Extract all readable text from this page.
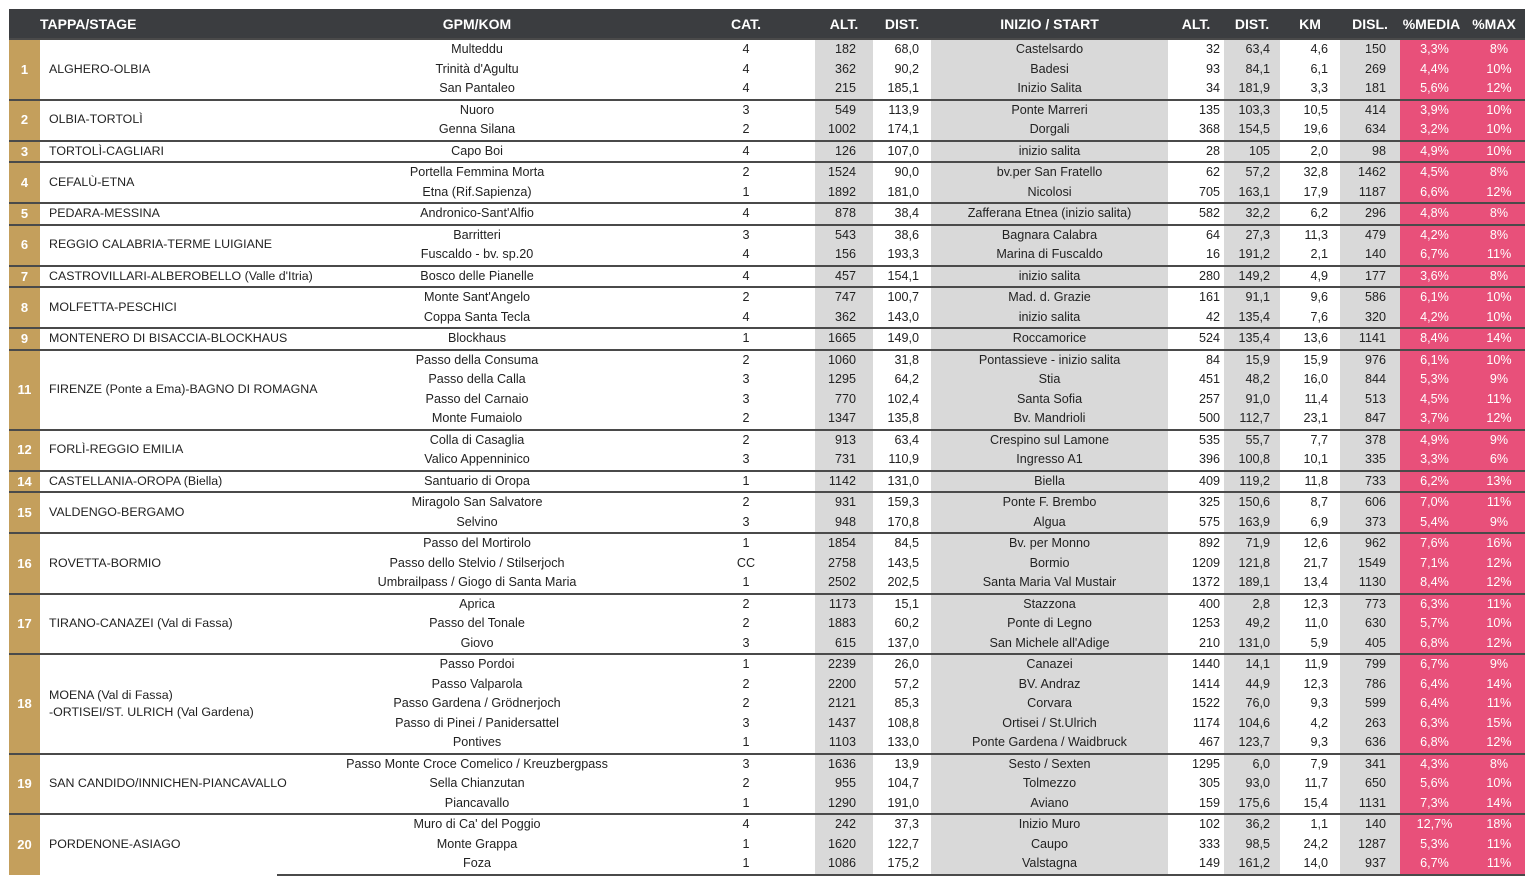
TAPPA/STAGE		GPM/KOM	CAT.	ALT.	DIST.	INIZIO / START	ALT.	DIST.	KM	DISL.	%MEDIA	%MAX
1	ALGHERO-OLBIA	Multeddu	4	182	68,0	Castelsardo	32	63,4	4,6	150	3,3%	8%
		Trinità d'Agultu	4	362	90,2	Badesi	93	84,1	6,1	269	4,4%	10%
		San Pantaleo	4	215	185,1	Inizio Salita	34	181,9	3,3	181	5,6%	12%
2	OLBIA-TORTOLÌ	Nuoro	3	549	113,9	Ponte Marreri	135	103,3	10,5	414	3,9%	10%
		Genna Silana	2	1002	174,1	Dorgali	368	154,5	19,6	634	3,2%	10%
3	TORTOLÌ-CAGLIARI	Capo Boi	4	126	107,0	inizio salita	28	105	2,0	98	4,9%	10%
4	CEFALÙ-ETNA	Portella Femmina Morta	2	1524	90,0	bv.per San Fratello	62	57,2	32,8	1462	4,5%	8%
		Etna (Rif.Sapienza)	1	1892	181,0	Nicolosi	705	163,1	17,9	1187	6,6%	12%
5	PEDARA-MESSINA	Andronico-Sant'Alfio	4	878	38,4	Zafferana Etnea (inizio salita)	582	32,2	6,2	296	4,8%	8%
6	REGGIO CALABRIA-TERME LUIGIANE	Barritteri	3	543	38,6	Bagnara Calabra	64	27,3	11,3	479	4,2%	8%
		Fuscaldo - bv. sp.20	4	156	193,3	Marina di Fuscaldo	16	191,2	2,1	140	6,7%	11%
7	CASTROVILLARI-ALBEROBELLO (Valle d'Itria)	Bosco delle Pianelle	4	457	154,1	inizio salita	280	149,2	4,9	177	3,6%	8%
8	MOLFETTA-PESCHICI	Monte Sant'Angelo	2	747	100,7	Mad. d. Grazie	161	91,1	9,6	586	6,1%	10%
		Coppa Santa Tecla	4	362	143,0	inizio salita	42	135,4	7,6	320	4,2%	10%
9	MONTENERO DI BISACCIA-BLOCKHAUS	Blockhaus	1	1665	149,0	Roccamorice	524	135,4	13,6	1141	8,4%	14%
11	FIRENZE (Ponte a Ema)-BAGNO DI ROMAGNA	Passo della Consuma	2	1060	31,8	Pontassieve - inizio salita	84	15,9	15,9	976	6,1%	10%
		Passo della Calla	3	1295	64,2	Stia	451	48,2	16,0	844	5,3%	9%
		Passo del Carnaio	3	770	102,4	Santa Sofia	257	91,0	11,4	513	4,5%	11%
		Monte Fumaiolo	2	1347	135,8	Bv. Mandrioli	500	112,7	23,1	847	3,7%	12%
12	FORLÌ-REGGIO EMILIA	Colla di Casaglia	2	913	63,4	Crespino sul Lamone	535	55,7	7,7	378	4,9%	9%
		Valico Appenninico	3	731	110,9	Ingresso A1	396	100,8	10,1	335	3,3%	6%
14	CASTELLANIA-OROPA (Biella)	Santuario di Oropa	1	1142	131,0	Biella	409	119,2	11,8	733	6,2%	13%
15	VALDENGO-BERGAMO	Miragolo San Salvatore	2	931	159,3	Ponte F. Brembo	325	150,6	8,7	606	7,0%	11%
		Selvino	3	948	170,8	Algua	575	163,9	6,9	373	5,4%	9%
16	ROVETTA-BORMIO	Passo del Mortirolo	1	1854	84,5	Bv. per Monno	892	71,9	12,6	962	7,6%	16%
		Passo dello Stelvio / Stilserjoch	CC	2758	143,5	Bormio	1209	121,8	21,7	1549	7,1%	12%
		Umbrailpass / Giogo di Santa Maria	1	2502	202,5	Santa Maria Val Mustair	1372	189,1	13,4	1130	8,4%	12%
17	TIRANO-CANAZEI (Val di Fassa)	Aprica	2	1173	15,1	Stazzona	400	2,8	12,3	773	6,3%	11%
		Passo del Tonale	2	1883	60,2	Ponte di Legno	1253	49,2	11,0	630	5,7%	10%
		Giovo	3	615	137,0	San Michele all'Adige	210	131,0	5,9	405	6,8%	12%
18	MOENA (Val di Fassa)
-ORTISEI/ST. ULRICH (Val Gardena)	Passo Pordoi	1	2239	26,0	Canazei	1440	14,1	11,9	799	6,7%	9%
		Passo Valparola	2	2200	57,2	BV. Andraz	1414	44,9	12,3	786	6,4%	14%
		Passo Gardena / Grödnerjoch	2	2121	85,3	Corvara	1522	76,0	9,3	599	6,4%	11%
		Passo di Pinei / Panidersattel	3	1437	108,8	Ortisei / St.Ulrich	1174	104,6	4,2	263	6,3%	15%
		Pontives	1	1103	133,0	Ponte Gardena / Waidbruck	467	123,7	9,3	636	6,8%	12%
19	SAN CANDIDO/INNICHEN-PIANCAVALLO	Passo Monte Croce Comelico / Kreuzbergpass	3	1636	13,9	Sesto / Sexten	1295	6,0	7,9	341	4,3%	8%
		Sella Chianzutan	2	955	104,7	Tolmezzo	305	93,0	11,7	650	5,6%	10%
		Piancavallo	1	1290	191,0	Aviano	159	175,6	15,4	1131	7,3%	14%
20	PORDENONE-ASIAGO	Muro di Ca' del Poggio	4	242	37,3	Inizio Muro	102	36,2	1,1	140	12,7%	18%
		Monte Grappa	1	1620	122,7	Caupo	333	98,5	24,2	1287	5,3%	11%
		Foza	1	1086	175,2	Valstagna	149	161,2	14,0	937	6,7%	11%
